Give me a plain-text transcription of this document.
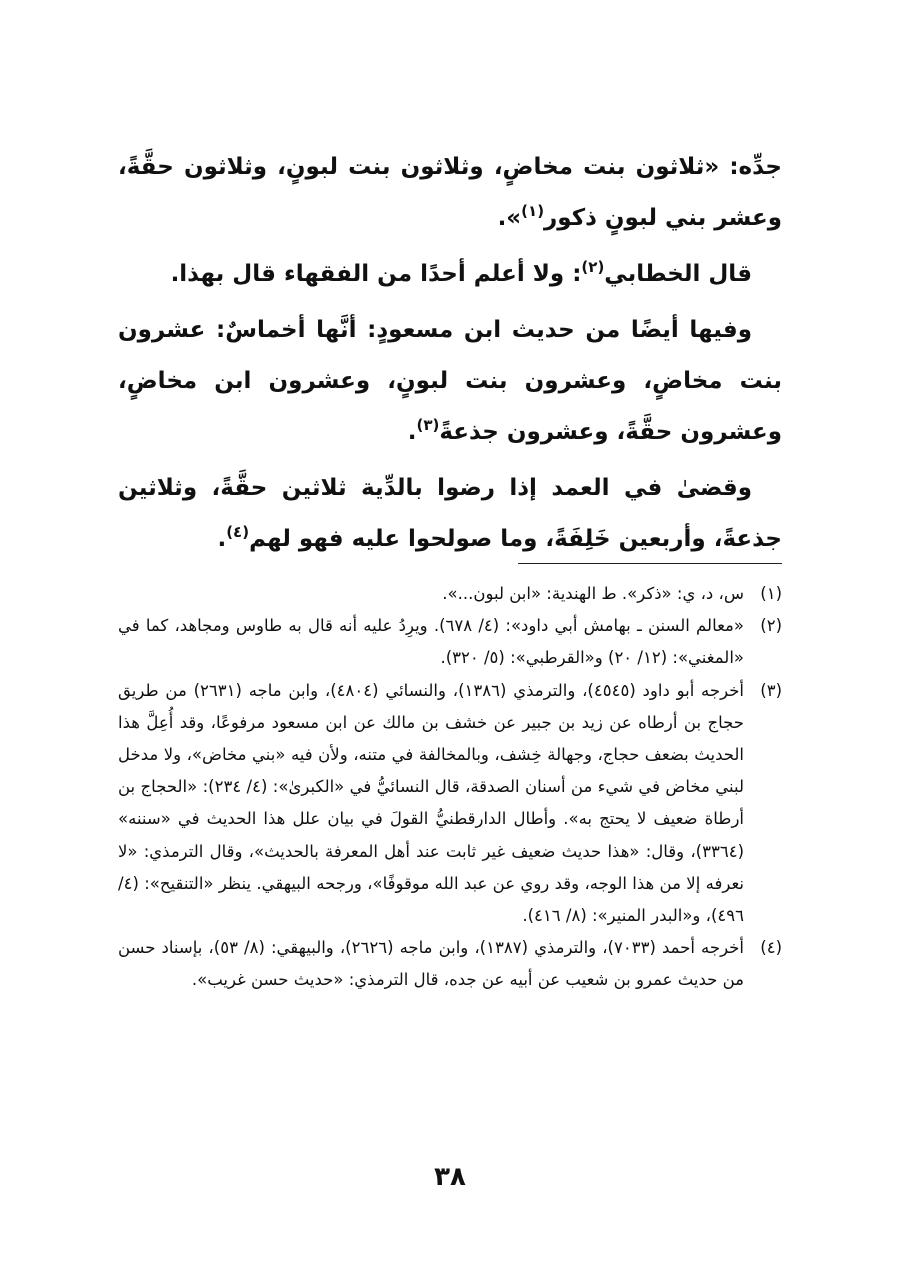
جدِّه: «ثلاثون بنت مخاضٍ، وثلاثون بنت لبونٍ، وثلاثون حقَّةً، وعشر بني لبونٍ ذكور$^{(١)}$».

قال الخطابي$^{(٢)}$: ولا أعلم أحدًا من الفقهاء قال بهذا.

وفيها أيضًا من حديث ابن مسعودٍ: أنَّها أخماسٌ: عشرون بنت مخاضٍ، وعشرون بنت لبونٍ، وعشرون ابن مخاضٍ، وعشرون حقَّةً، وعشرون جذعةً$^{(٣)}$.

وقضىٰ في العمد إذا رضوا بالدِّية ثلاثين حقَّةً، وثلاثين جذعةً، وأربعين خَلِفَةً، وما صولحوا عليه فهو لهم$^{(٤)}$.

(١)
س، د، ي: «ذكر». ط الهندية: «ابن لبون...».
(٢)
«معالم السنن ـ بهامش أبي داود»: (٤/ ٦٧٨). ويرِدُ عليه أنه قال به طاوس ومجاهد، كما في «المغني»: (١٢/ ٢٠) و«القرطبي»: (٥/ ٣٢٠).
(٣)
أخرجه أبو داود (٤٥٤٥)، والترمذي (١٣٨٦)، والنسائي (٤٨٠٤)، وابن ماجه (٢٦٣١) من طريق حجاج بن أرطاه عن زيد بن جبير عن خشف بن مالك عن ابن مسعود مرفوعًا، وقد أُعِلَّ هذا الحديث بضعف حجاج، وجهالة خِشف، وبالمخالفة في متنه، ولأن فيه «بني مخاض»، ولا مدخل لبني مخاض في شيء من أسنان الصدقة، قال النسائيُّ في «الكبرىٰ»: (٤/ ٢٣٤): «الحجاج بن أرطاة ضعيف لا يحتج به». وأطال الدارقطنيُّ القولَ في بيان علل هذا الحديث في «سننه» (٣٣٦٤)، وقال: «هذا حديث ضعيف غير ثابت عند أهل المعرفة بالحديث»، وقال الترمذي: «لا نعرفه إلا من هذا الوجه، وقد روي عن عبد الله موقوفًا»، ورجحه البيهقي. ينظر «التنقيح»: (٤/ ٤٩٦)، و«البدر المنير»: (٨/ ٤١٦).
(٤)
أخرجه أحمد (٧٠٣٣)، والترمذي (١٣٨٧)، وابن ماجه (٢٦٢٦)، والبيهقي: (٨/ ٥٣)، بإسناد حسن من حديث عمرو بن شعيب عن أبيه عن جده، قال الترمذي: «حديث حسن غريب».
٣٨
